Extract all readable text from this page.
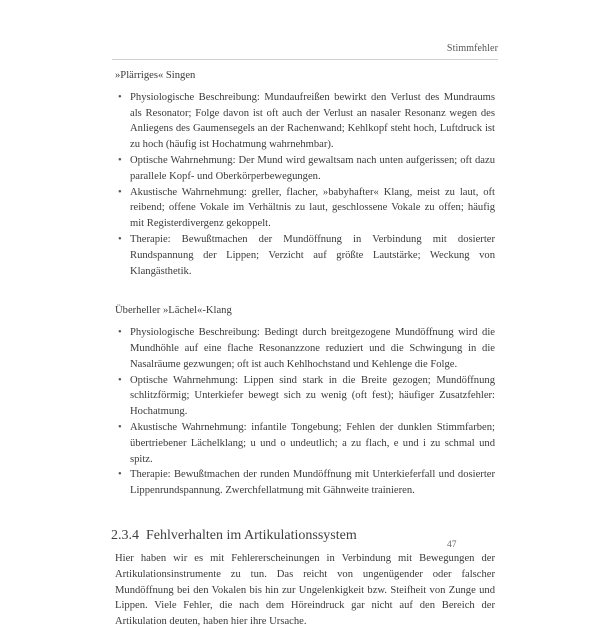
Stimmfehler
»Plärriges« Singen
• Physiologische Beschreibung: Mundaufreißen bewirkt den Verlust des Mundraums als Resonator; Folge davon ist oft auch der Verlust an nasaler Resonanz wegen des Anliegens des Gaumensegels an der Rachenwand; Kehlkopf steht hoch, Luftdruck ist zu hoch (häufig ist Hochatmung wahrnehmbar).
• Optische Wahrnehmung: Der Mund wird gewaltsam nach unten aufgerissen; oft dazu parallele Kopf- und Oberkörperbewegungen.
• Akustische Wahrnehmung: greller, flacher, »babyhafter« Klang, meist zu laut, oft reibend; offene Vokale im Verhältnis zu laut, geschlossene Vokale zu offen; häufig mit Registerdivergenz gekoppelt.
• Therapie: Bewußtmachen der Mundöffnung in Verbindung mit dosierter Rundspannung der Lippen; Verzicht auf größte Lautstärke; Weckung von Klangästhetik.
Überheller »Lächel«-Klang
• Physiologische Beschreibung: Bedingt durch breitgezogene Mundöffnung wird die Mundhöhle auf eine flache Resonanzzone reduziert und die Schwingung in die Nasalräume gezwungen; oft ist auch Kehlhochstand und Kehlenge die Folge.
• Optische Wahrnehmung: Lippen sind stark in die Breite gezogen; Mundöffnung schlitzförmig; Unterkiefer bewegt sich zu wenig (oft fest); häufiger Zusatzfehler: Hochatmung.
• Akustische Wahrnehmung: infantile Tongebung; Fehlen der dunklen Stimmfarben; übertriebener Lächelklang; u und o undeutlich; a zu flach, e und i zu schmal und spitz.
• Therapie: Bewußtmachen der runden Mundöffnung mit Unterkieferfall und dosierter Lippenrundspannung. Zwerchfellatmung mit Gähnweite trainieren.
2.3.4 Fehlverhalten im Artikulationssystem

Hier haben wir es mit Fehlererscheinungen in Verbindung mit Bewegungen der Artikulationsinstrumente zu tun. Das reicht von ungenügender oder falscher Mundöffnung bei den Vokalen bis hin zur Ungelenkigkeit bzw. Steifheit von Zunge und Lippen. Viele Fehler, die nach dem Höreindruck gar nicht auf den Bereich der Artikulation deuten, haben hier ihre Ursache.

47
